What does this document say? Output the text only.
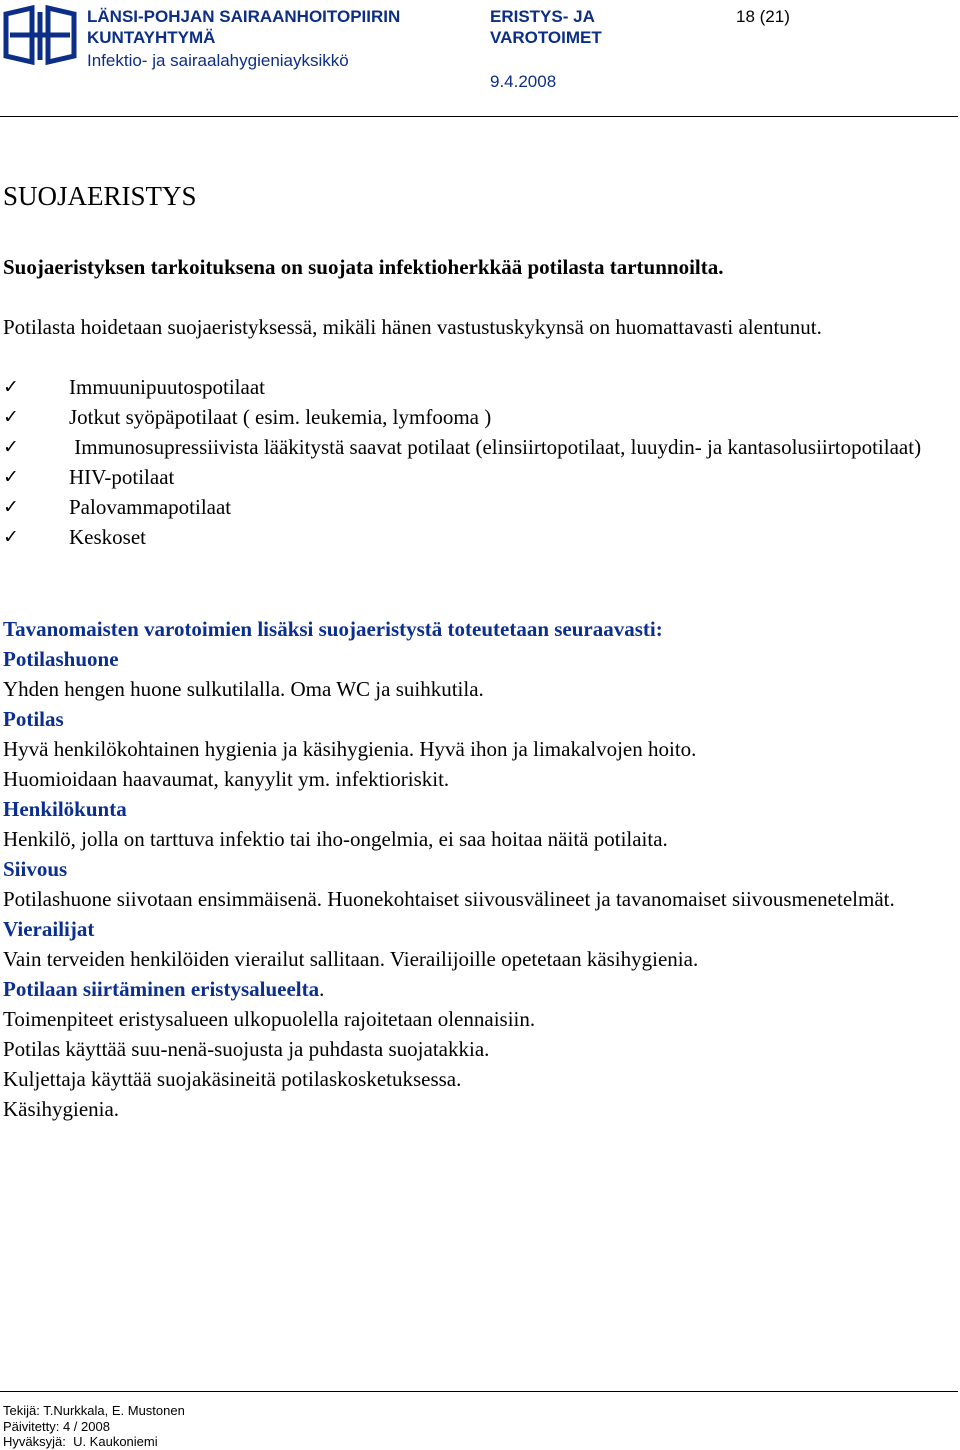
LÄNSI-POHJAN SAIRAANHOITOPIIRIN
KUNTAYHTYMÄ
Infektio- ja sairaalahygieniayksikkö
ERISTYS- JA
VAROTOIMET
9.4.2008
18 (21)
SUOJAERISTYS
Suojaeristyksen tarkoituksena on suojata infektioherkkää potilasta tartunnoilta.
Potilasta hoidetaan suojaeristyksessä, mikäli hänen vastustuskykynsä on huomattavasti alentunut.
✓ Immuunipuutospotilaat
✓ Jotkut syöpäpotilaat ( esim. leukemia, lymfooma )
✓ Immunosupressiivista lääkitystä saavat potilaat (elinsiirtopotilaat, luuydin- ja kantasolusiirtopotilaat)
✓ HIV-potilaat
✓ Palovammapotilaat
✓ Keskoset
Tavanomaisten varotoimien lisäksi suojaeristystä toteutetaan seuraavasti:
Potilashuone
Yhden hengen huone sulkutilalla. Oma WC ja suihkutila.
Potilas
Hyvä henkilökohtainen hygienia ja käsihygienia. Hyvä ihon ja limakalvojen hoito.
Huomioidaan haavaumat, kanyylit ym. infektioriskit.
Henkilökunta
Henkilö, jolla on tarttuva infektio tai iho-ongelmia, ei saa hoitaa näitä potilaita.
Siivous
Potilashuone siivotaan ensimmäisenä. Huonekohtaiset siivousvälineet ja tavanomaiset siivousmenetelmät.
Vierailijat
Vain terveiden henkilöiden vierailut sallitaan. Vierailijoille opetetaan käsihygienia.
Potilaan siirtäminen eristysalueelta.
Toimenpiteet eristysalueen ulkopuolella rajoitetaan olennaisiin.
Potilas käyttää suu-nenä-suojusta ja puhdasta suojatakkia.
Kuljettaja käyttää suojakäsineitä potilaskosketuksessa.
Käsihygienia.
Tekijä: T.Nurkkala, E. Mustonen
Päivitetty: 4 / 2008
Hyväksyjä:  U. Kaukoniemi
